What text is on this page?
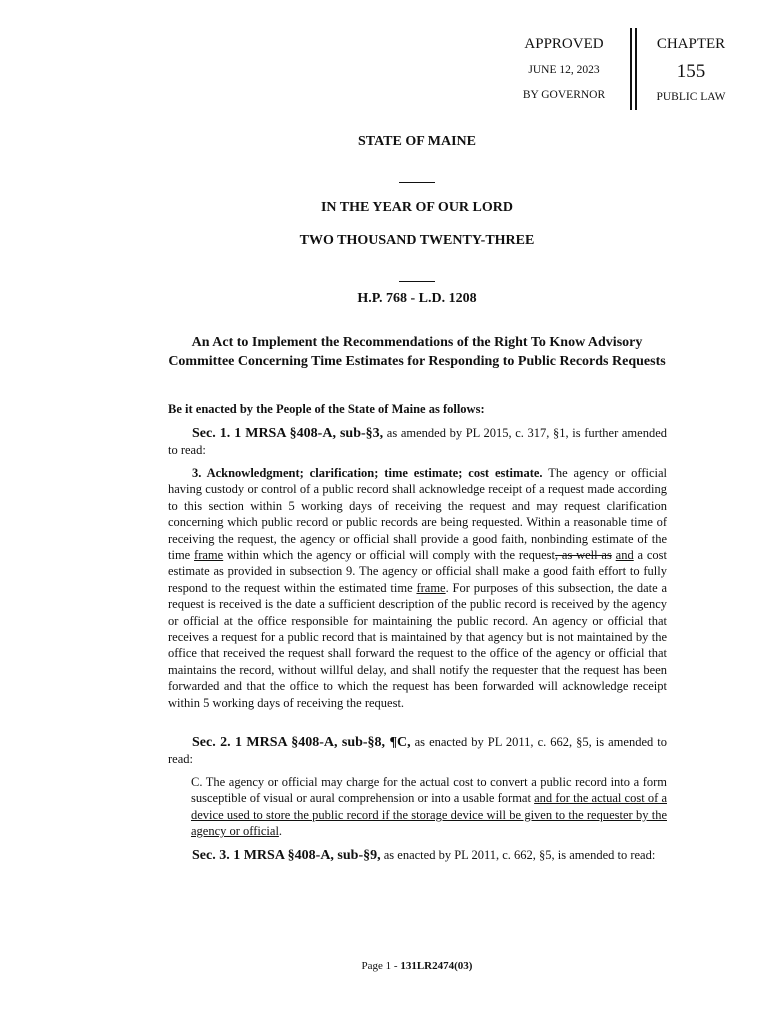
APPROVED
JUNE 12, 2023
BY GOVERNOR
CHAPTER
155
PUBLIC LAW
STATE OF MAINE
IN THE YEAR OF OUR LORD
TWO THOUSAND TWENTY-THREE
H.P. 768 - L.D. 1208
An Act to Implement the Recommendations of the Right To Know Advisory Committee Concerning Time Estimates for Responding to Public Records Requests
Be it enacted by the People of the State of Maine as follows:
Sec. 1. 1 MRSA §408-A, sub-§3, as amended by PL 2015, c. 317, §1, is further amended to read:
3. Acknowledgment; clarification; time estimate; cost estimate. The agency or official having custody or control of a public record shall acknowledge receipt of a request made according to this section within 5 working days of receiving the request and may request clarification concerning which public record or public records are being requested. Within a reasonable time of receiving the request, the agency or official shall provide a good faith, nonbinding estimate of the time frame within which the agency or official will comply with the request, as well as and a cost estimate as provided in subsection 9. The agency or official shall make a good faith effort to fully respond to the request within the estimated time frame. For purposes of this subsection, the date a request is received is the date a sufficient description of the public record is received by the agency or official at the office responsible for maintaining the public record. An agency or official that receives a request for a public record that is maintained by that agency but is not maintained by the office that received the request shall forward the request to the office of the agency or official that maintains the record, without willful delay, and shall notify the requester that the request has been forwarded and that the office to which the request has been forwarded will acknowledge receipt within 5 working days of receiving the request.
Sec. 2. 1 MRSA §408-A, sub-§8, ¶C, as enacted by PL 2011, c. 662, §5, is amended to read:
C. The agency or official may charge for the actual cost to convert a public record into a form susceptible of visual or aural comprehension or into a usable format and for the actual cost of a device used to store the public record if the storage device will be given to the requester by the agency or official.
Sec. 3. 1 MRSA §408-A, sub-§9, as enacted by PL 2011, c. 662, §5, is amended to read:
Page 1 - 131LR2474(03)
